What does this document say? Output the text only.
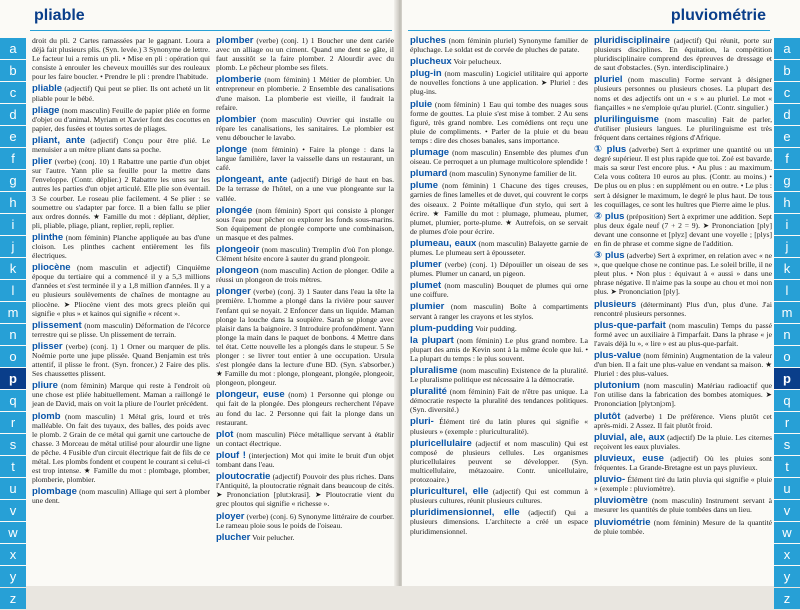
pliable
a
b
c
d
e
f
g
h
i
j
k
l
m
n
o
p
q
r
s
t
u
v
w
x
y
z
droit du pli. 2 Cartes ramassées par le gagnant. Loura a déjà fait plusieurs plis. (Syn. levée.) 3 Synonyme de lettre. Le facteur lui a remis un pli. • Mise en pli : opération qui consiste à enrouler les cheveux mouillés sur des rouleaux pour les faire boucler. • Prendre le pli : prendre l'habitude.
pliable (adjectif) Qui peut se plier. Ils ont acheté un lit pliable pour le bébé.
pliage (nom masculin) Feuille de papier pliée en forme d'objet ou d'animal. Myriam et Xavier font des cocottes en papier, des fusées et toutes sortes de pliages.
pliant, ante (adjectif) Conçu pour être plié. Le menuisier a un mètre pliant dans sa poche.
plier (verbe) (conj. 10) 1 Rabattre une partie d'un objet sur l'autre. Yann plie sa feuille pour la mettre dans l'enveloppe. (Contr. déplier.) 2 Rabattre les unes sur les autres les parties d'un objet articulé. Elle plie son éventail. 3 Se courber. Le roseau plie facilement. 4 Se plier : se soumettre ou s'adapter par force. Il a bien fallu se plier aux ordres donnés. ★ Famille du mot : dépliant, déplier, pli, pliable, pliage, pliant, replier, repli, replier.
plinthe (nom féminin) Planche appliquée au bas d'une cloison. Les plinthes cachent entièrement les fils électriques.
pliocène (nom masculin et adjectif) Cinquième époque du tertiaire qui a commencé il y a 5,3 millions d'années et s'est terminée il y a 1,8 million d'années. Il y a eu plusieurs soulèvements de chaînes de montagne au pliocène. ➤ Pliocène vient des mots grecs pleiôn qui signifie « plus » et kainos qui signifie « récent ».
plissement (nom masculin) Déformation de l'écorce terrestre qui se plisse. Un plissement de terrain.
plisser (verbe) (conj. 1) 1 Orner ou marquer de plis. Noémie porte une jupe plissée. Quand Benjamin est très attentif, il plisse le front. (Syn. froncer.) 2 Faire des plis. Ses chaussettes plissent.
pliure (nom féminin) Marque qui reste à l'endroit où une chose est pliée habituellement. Maman a raillongé le jean de David, mais on voit la pliure de l'ourlet précédent.
plomb (nom masculin) 1 Métal gris, lourd et très malléable. On fait des tuyaux, des balles, des poids avec le plomb. 2 Grain de ce métal qui garnit une cartouche de chasse. 3 Morceau de métal utilisé pour alourdir une ligne de pêche. 4 Fusible d'un circuit électrique fait de fils de ce métal. Les plombs fondent et coupent le courant si celui-ci est trop intense. ★ Famille du mot : plombage, plomber, plomberie, plombier.
plombage (nom masculin) Alliage qui sert à plomber une dent.
plomber (verbe) (conj. 1) 1 Boucher une dent cariée avec un alliage ou un ciment. Quand une dent se gâte, il faut aussitôt se la faire plomber. 2 Alourdir avec du plomb. Le pêcheur plombe ses filets.
plomberie (nom féminin) 1 Métier de plombier. Un entrepreneur en plomberie. 2 Ensemble des canalisations d'une maison. La plomberie est vieille, il faudrait la refaire.
plombier (nom masculin) Ouvrier qui installe ou répare les canalisations, les sanitaires. Le plombier est venu déboucher le lavabo.
plonge (nom féminin) • Faire la plonge : dans la langue familière, laver la vaisselle dans un restaurant, un café.
plongeant, ante (adjectif) Dirigé de haut en bas. De la terrasse de l'hôtel, on a une vue plongeante sur la vallée.
plongée (nom féminin) Sport qui consiste à plonger sous l'eau pour pêcher ou explorer les fonds sous-marins. Son équipement de plongée comporte une combinaison, un masque et des palmes.
plongeoir (nom masculin) Tremplin d'où l'on plonge. Clément hésite encore à sauter du grand plongeoir.
plongeon (nom masculin) Action de plonger. Odile a réussi un plongeon de trois mètres.
plonger (verbe) (conj. 3) 1 Sauter dans l'eau la tête la première. L'homme a plongé dans la rivière pour sauver l'enfant qui se noyait. 2 Enfoncer dans un liquide. Maman plonge la louche dans la soupière. Sarah se plonge avec plaisir dans la baignoire. 3 Introduire profondément. Yann plonge la main dans le paquet de bonbons. 4 Mettre dans tel état. Cette nouvelle les a plongés dans le stupeur. 5 Se plonger : se livrer tout entier à une occupation. Ursula s'est plongée dans la lecture d'une BD. (Syn. s'absorber.) ★ Famille du mot : plonge, plongeant, plongée, plongeoir, plongeon, plongeur.
plongeur, euse (nom) 1 Personne qui plonge ou qui fait de la plongée. Des plongeurs recherchent l'épave au fond du lac. 2 Personne qui fait la plonge dans un restaurant.
plot (nom masculin) Pièce métallique servant à établir un contact électrique.
plouf ! (interjection) Mot qui imite le bruit d'un objet tombant dans l'eau.
ploutocratie (adjectif) Pouvoir des plus riches. Dans l'Antiquité, la ploutocratie régnait dans beaucoup de cités. ➤ Prononciation [plutɔkrasi]. ➤ Ploutocratie vient du grec ploutos qui signifie « richesse ».
ployer (verbe) (conj. 6) Synonyme littéraire de courber. Le rameau ploie sous le poids de l'oiseau.
plucher Voir pelucher.
pluviométrie
a
b
c
d
e
f
g
h
i
j
k
l
m
n
o
p
q
r
s
t
u
v
w
x
y
z
pluches (nom féminin pluriel) Synonyme familier de épluchage. Le soldat est de corvée de pluches de patate.
plucheux Voir pelucheux.
plug-in (nom masculin) Logiciel utilitaire qui apporte de nouvelles fonctions à une application. ➤ Pluriel : des plug-ins.
pluie (nom féminin) 1 Eau qui tombe des nuages sous forme de gouttes. La pluie s'est mise à tomber. 2 Au sens figuré, très grand nombre. Les comédiens ont reçu une pluie de compliments. • Parler de la pluie et du beau temps : dire des choses banales, sans importance.
plumage (nom masculin) Ensemble des plumes d'un oiseau. Ce perroquet a un plumage multicolore splendide !
plumard (nom masculin) Synonyme familier de lit.
plume (nom féminin) 1 Chacune des tiges creuses, garnies de fines lamelles et de duvet, qui couvrent le corps des oiseaux. 2 Pointe métallique d'un stylo, qui sert à écrire. ★ Famille du mot : plumage, plumeau, plumer, plumet, plumier, porte-plume. ★ Autrefois, on se servait de plumes d'oie pour écrire.
plumeau, eaux (nom masculin) Balayette garnie de plumes. Le plumeau sert à épousseter.
plumer (verbe) (conj. 1) Dépouiller un oiseau de ses plumes. Plumer un canard, un pigeon.
plumet (nom masculin) Bouquet de plumes qui orne une coiffure.
plumier (nom masculin) Boîte à compartiments servant à ranger les crayons et les stylos.
plum-pudding Voir pudding.
la plupart (nom féminin) Le plus grand nombre. La plupart des amis de Kevin sont à la même école que lui. • La plupart du temps : le plus souvent.
pluralisme (nom masculin) Existence de la pluralité. Le pluralisme politique est nécessaire à la démocratie.
pluralité (nom féminin) Fait de n'être pas unique. La démocratie respecte la pluralité des tendances politiques. (Syn. diversité.)
pluri- Élément tiré du latin plures qui signifie « plusieurs » (exemple : pluriculturalité).
pluricellulaire (adjectif et nom masculin) Qui est composé de plusieurs cellules. Les organismes pluricellulaires peuvent se développer. (Syn. multicellulaire, métazoaire. Contr. unicellulaire, protozoaire.)
pluriculturel, elle (adjectif) Qui est commun à plusieurs cultures, réunit plusieurs cultures.
pluridimensionnel, elle (adjectif) Qui a plusieurs dimensions. L'architecte a créé un espace pluridimensionnel.
pluridisciplinaire (adjectif) Qui réunit, porte sur plusieurs disciplines. En équitation, la compétition pluridisciplinaire comprend des épreuves de dressage et de saut d'obstacles. (Syn. interdisciplinaire.)
pluriel (nom masculin) Forme servant à désigner plusieurs personnes ou plusieurs choses. La plupart des noms et des adjectifs ont un « s » au pluriel. Le mot « fiançailles » ne s'emploie qu'au pluriel. (Contr. singulier.)
plurilinguisme (nom masculin) Fait de parler, d'utiliser plusieurs langues. Le plurilinguisme est très fréquent dans certaines régions d'Afrique.
① plus (adverbe) Sert à exprimer une quantité ou un degré supérieur. Il est plus rapide que toi. Zoé est bavarde, mais sa sœur l'est encore plus. • Au plus : au maximum. Cela vous coûtera 10 euros au plus. (Contr. au moins.) • De plus ou en plus : en supplément ou en outre. • Le plus : sert à désigner le maximum, le degré le plus haut. De tous les coquillages, ce sont les huîtres que Pierre aime le plus.
② plus (préposition) Sert à exprimer une addition. Sept plus deux égale neuf (7 + 2 = 9). ➤ Prononciation [ply] devant une consonne et [plyz] devant une voyelle ; [plys] en fin de phrase et comme signe de l'addition.
③ plus (adverbe) Sert à exprimer, en relation avec « ne », que quelque chose ne continue pas. Le soleil brille, il ne pleut plus. • Non plus : équivaut à « aussi » dans une phrase négative. Il n'aime pas la soupe au chou et moi non plus. ➤ Prononciation [ply].
plusieurs (déterminant) Plus d'un, plus d'une. J'ai rencontré plusieurs personnes.
plus-que-parfait (nom masculin) Temps du passé formé avec un auxiliaire à l'imparfait. Dans la phrase « je l'avais déjà lu », « lire » est au plus-que-parfait.
plus-value (nom féminin) Augmentation de la valeur d'un bien. Il a fait une plus-value en vendant sa maison. ★ Pluriel : des plus-values.
plutonium (nom masculin) Matériau radioactif que l'on utilise dans la fabrication des bombes atomiques. ➤ Prononciation [plytɔnjɔm].
plutôt (adverbe) 1 De préférence. Viens plutôt cet après-midi. 2 Assez. Il fait plutôt froid.
pluvial, ale, aux (adjectif) De la pluie. Les citernes reçoivent les eaux pluviales.
pluvieux, euse (adjectif) Où les pluies sont fréquentes. La Grande-Bretagne est un pays pluvieux.
pluvio- Élément tiré du latin pluvia qui signifie « pluie » (exemple : pluviomètre).
pluviomètre (nom masculin) Instrument servant à mesurer les quantités de pluie tombées dans un lieu.
pluviométrie (nom féminin) Mesure de la quantité de pluie tombée.
